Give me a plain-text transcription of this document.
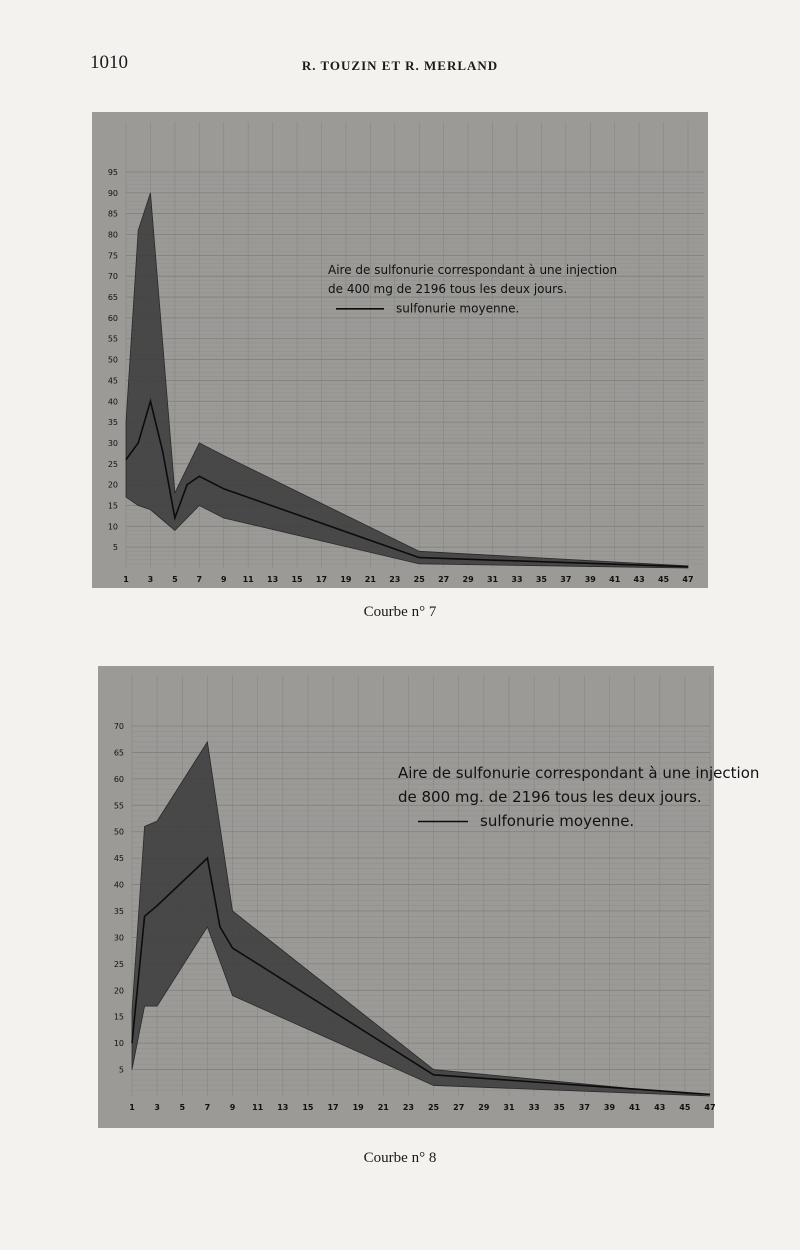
1010	R. TOUZIN ET R. MERLAND
5
10
15
20
25
30
35
40
45
50
55
60
65
70
75
80
85
90
95
1 3 5 7 9 11 13 15 17 19 21 23 25 27 29 31 33 35 37 39 41 43 45 47
Aire de sulfonurie correspondant à une injection
de 400 mg de 2196 tous les deux jours.
sulfonurie moyenne.
Courbe n° 7
5
10
15
20
25
30
35
40
45
50
55
60
65
70
1 3 5 7 9 11 13 15 17 19 21 23 25 27 29 31 33 35 37 39 41 43 45 47
Aire de sulfonurie correspondant à une injection
de 800 mg. de 2196 tous les deux jours.
sulfonurie moyenne.
Courbe n° 8
